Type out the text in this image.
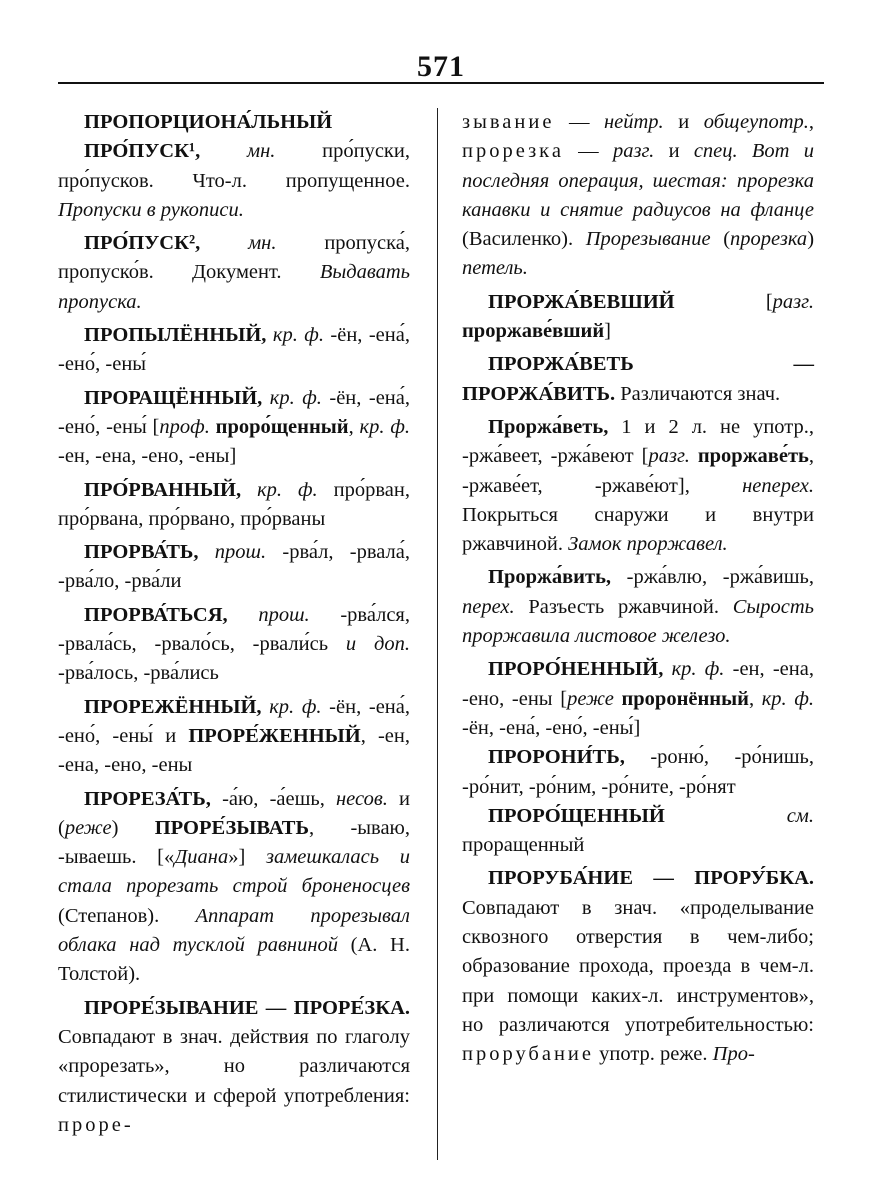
571

ПРОПОРЦИОНА́ЛЬНЫЙ

ПРО́ПУСК¹, мн. про́пуски, про́пусков. Что-л. пропущенное. Пропуски в рукописи.

ПРО́ПУСК², мн. пропуска́, пропуско́в. Документ. Выдавать пропуска.

ПРОПЫЛЁННЫЙ, кр. ф. -ён, -ена́, -ено́, -ены́

ПРОРАЩЁННЫЙ, кр. ф. -ён, -ена́, -ено́, -ены́ [проф. проро́щенный, кр. ф. -ен, -ена, -ено, -ены]

ПРО́РВАННЫЙ, кр. ф. про́рван, про́рвана, про́рвано, про́рваны

ПРОРВА́ТЬ, прош. -рва́л, -рвала́, -рва́ло, -рва́ли

ПРОРВА́ТЬСЯ, прош. -рва́лся, -рвала́сь, -рвало́сь, -рвали́сь и доп. -рва́лось, -рва́лись

ПРОРЕЖЁННЫЙ, кр. ф. -ён, -ена́, -ено́, -ены́ и ПРОРЕ́ЖЕННЫЙ, -ен, -ена, -ено, -ены

ПРОРЕЗА́ТЬ, -а́ю, -а́ешь, несов. и (реже) ПРОРЕ́ЗЫВАТЬ, -ываю, -ываешь. [«Диана»] замешкалась и стала прорезать строй броненосцев (Степанов). Аппарат прорезывал облака над тусклой равниной (А. Н. Толстой).

ПРОРЕ́ЗЫВАНИЕ — ПРОРЕ́ЗКА. Совпадают в знач. действия по глаголу «прорезать», но различаются стилистически и сферой употребления: проре-

зывание — нейтр. и общеупотр., прорезка — разг. и спец. Вот и последняя операция, шестая: прорезка канавки и снятие радиусов на фланце (Василенко). Прорезывание (прорезка) петель.

ПРОРЖА́ВЕВШИЙ [разг. проржаве́вший]

ПРОРЖА́ВЕТЬ — ПРОРЖА́ВИТЬ. Различаются знач.

Проржа́веть, 1 и 2 л. не употр., -ржа́веет, -ржа́веют [разг. проржаве́ть, -ржаве́ет, -ржаве́ют], неперех. Покрыться снаружи и внутри ржавчиной. Замок проржавел.

Проржа́вить, -ржа́влю, -ржа́вишь, перех. Разъесть ржавчиной. Сырость проржавила листовое железо.

ПРОРО́НЕННЫЙ, кр. ф. -ен, -ена, -ено, -ены [реже проронённый, кр. ф. -ён, -ена́, -ено́, -ены́]

ПРОРОНИ́ТЬ, -роню́, -ро́нишь, -ро́нит, -ро́ним, -ро́ните, -ро́нят

ПРОРО́ЩЕННЫЙ см. проращенный

ПРОРУБА́НИЕ — ПРОРУ́БКА. Совпадают в знач. «проделывание сквозного отверстия в чем-либо; образование прохода, проезда в чем-л. при помощи каких-л. инструментов», но различаются употребительностью: прорубание употр. реже. Про-
